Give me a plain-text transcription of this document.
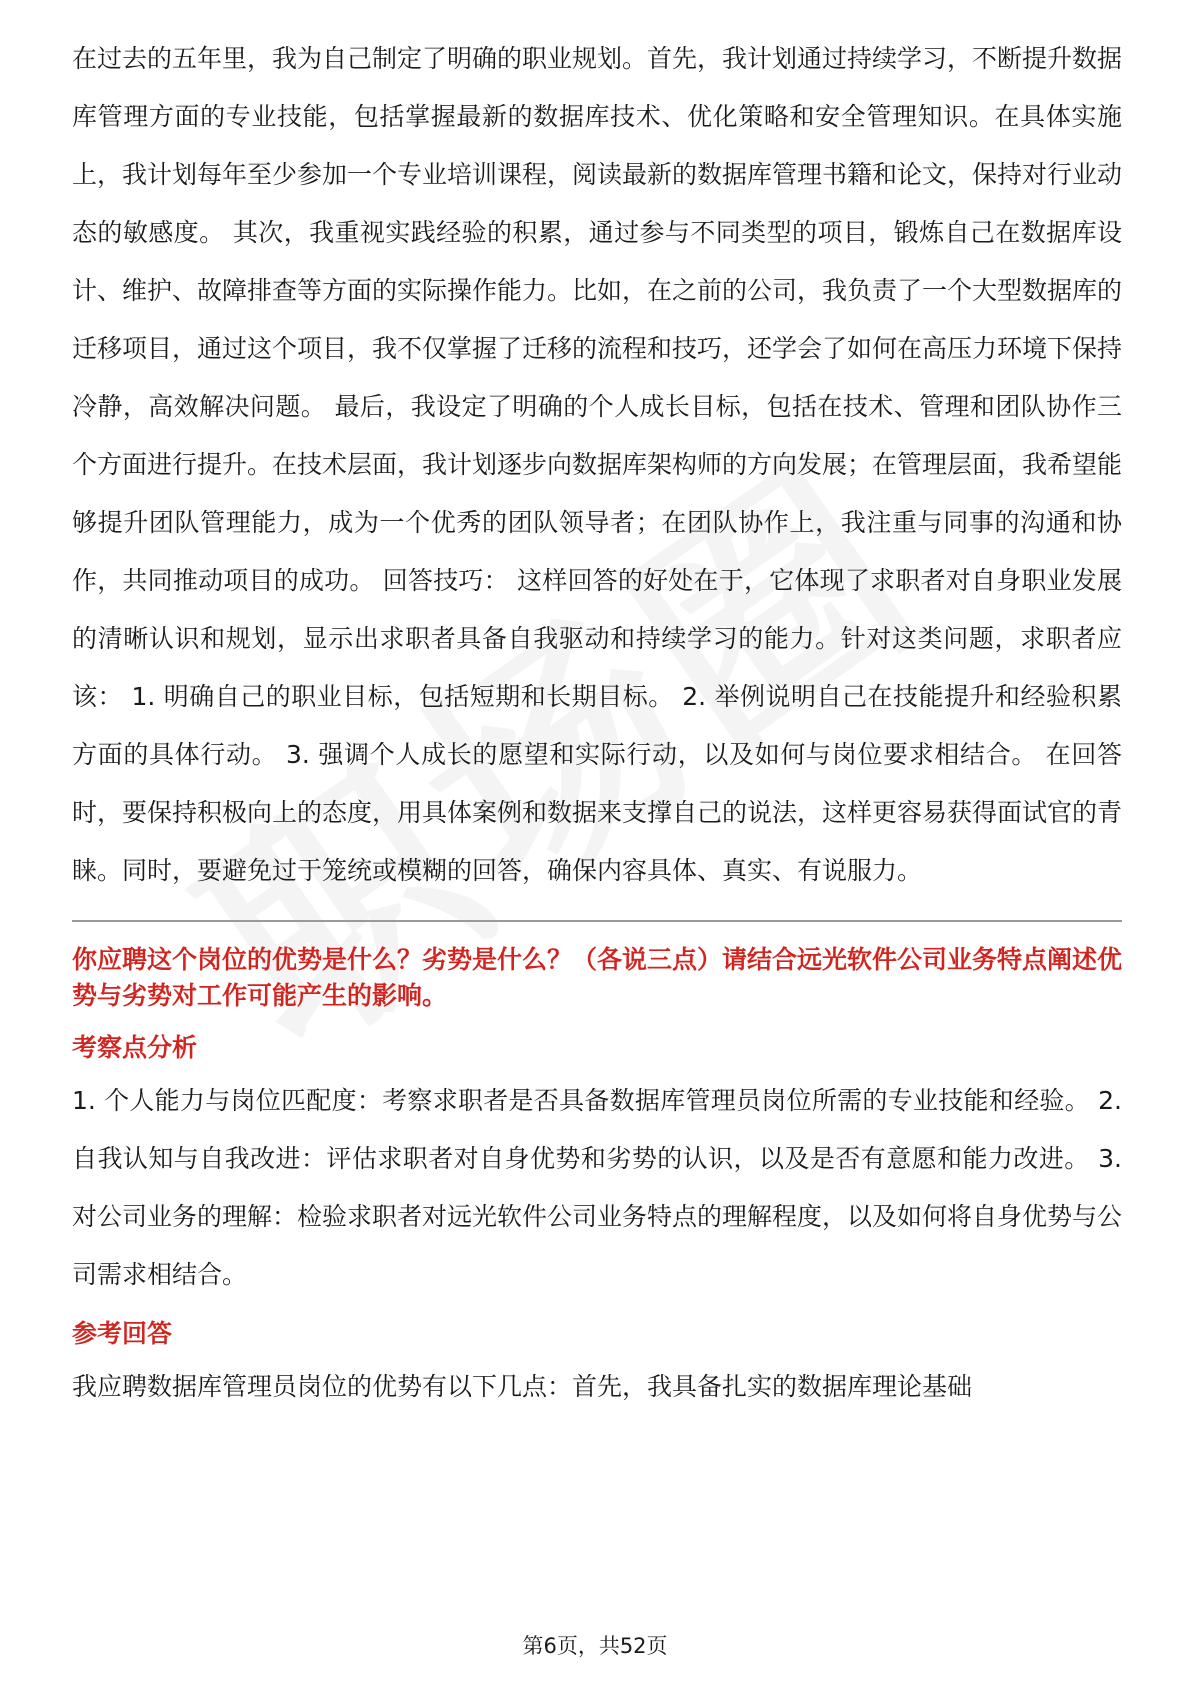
在过去的五年里，我为自己制定了明确的职业规划。首先，我计划通过持续学习，不断提升数据库管理方面的专业技能，包括掌握最新的数据库技术、优化策略和安全管理知识。在具体实施上，我计划每年至少参加一个专业培训课程，阅读最新的数据库管理书籍和论文，保持对行业动态的敏感度。 其次，我重视实践经验的积累，通过参与不同类型的项目，锻炼自己在数据库设计、维护、故障排查等方面的实际操作能力。比如，在之前的公司，我负责了一个大型数据库的迁移项目，通过这个项目，我不仅掌握了迁移的流程和技巧，还学会了如何在高压力环境下保持冷静，高效解决问题。 最后，我设定了明确的个人成长目标，包括在技术、管理和团队协作三个方面进行提升。在技术层面，我计划逐步向数据库架构师的方向发展；在管理层面，我希望能够提升团队管理能力，成为一个优秀的团队领导者；在团队协作上，我注重与同事的沟通和协作，共同推动项目的成功。 回答技巧： 这样回答的好处在于，它体现了求职者对自身职业发展的清晰认识和规划，显示出求职者具备自我驱动和持续学习的能力。针对这类问题，求职者应该： 1. 明确自己的职业目标，包括短期和长期目标。 2. 举例说明自己在技能提升和经验积累方面的具体行动。 3. 强调个人成长的愿望和实际行动，以及如何与岗位要求相结合。 在回答时，要保持积极向上的态度，用具体案例和数据来支撑自己的说法，这样更容易获得面试官的青睐。同时，要避免过于笼统或模糊的回答，确保内容具体、真实、有说服力。

你应聘这个岗位的优势是什么？劣势是什么？（各说三点）请结合远光软件公司业务特点阐述优势与劣势对工作可能产生的影响。

考察点分析

1. 个人能力与岗位匹配度：考察求职者是否具备数据库管理员岗位所需的专业技能和经验。 2. 自我认知与自我改进：评估求职者对自身优势和劣势的认识，以及是否有意愿和能力改进。 3. 对公司业务的理解：检验求职者对远光软件公司业务特点的理解程度，以及如何将自身优势与公司需求相结合。

参考回答

我应聘数据库管理员岗位的优势有以下几点：首先，我具备扎实的数据库理论基础

第6页，共52页
